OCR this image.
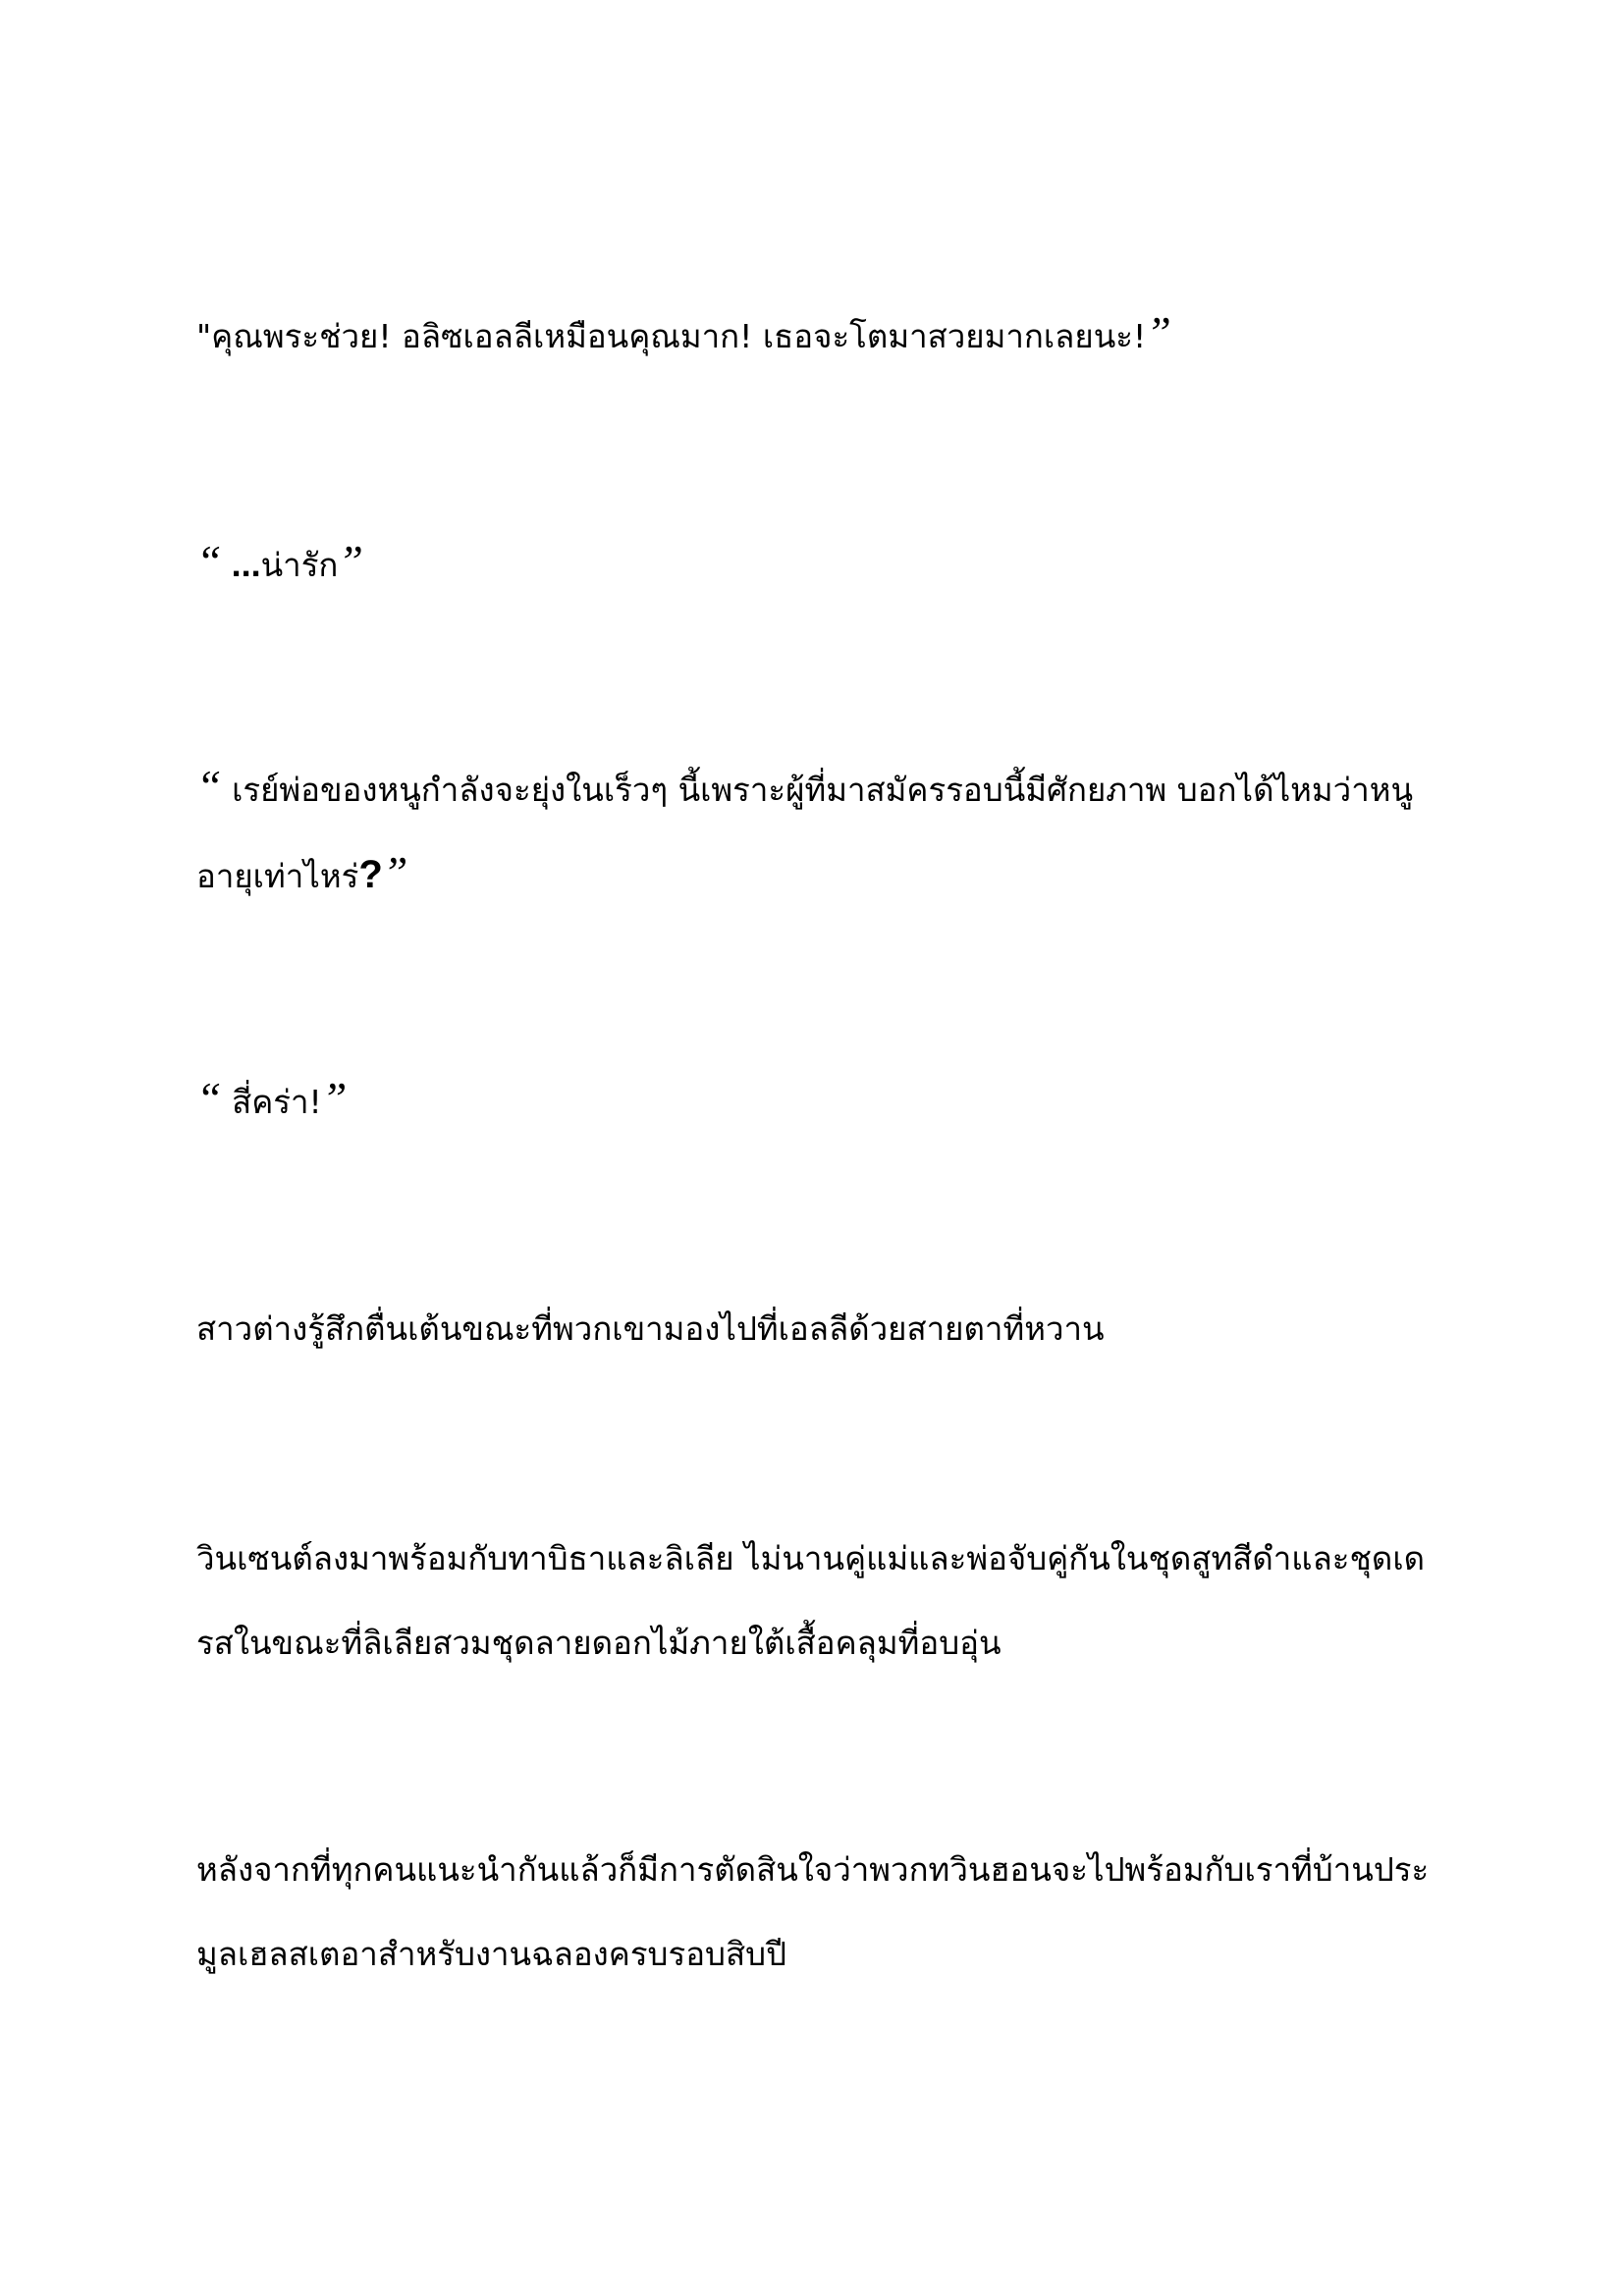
"คุณพระช่วย! อลิซเอลลีเหมือนคุณมาก! เธอจะโตมาสวยมากเลยนะ!”

“ ...น่ารัก”

“ เรย์พ่อของหนูกำลังจะยุ่งในเร็วๆ นี้เพราะผู้ที่มาสมัครรอบนี้มีศักยภาพ บอกได้ไหมว่าหนูอายุเท่าไหร่?”

“ สี่คร่า!”

สาวต่างรู้สึกตื่นเต้นขณะที่พวกเขามองไปที่เอลลีด้วยสายตาที่หวาน

วินเซนต์ลงมาพร้อมกับทาบิธาและลิเลีย ไม่นานคู่แม่และพ่อจับคู่กันในชุดสูทสีดำและชุดเดรสในขณะที่ลิเลียสวมชุดลายดอกไม้ภายใต้เสื้อคลุมที่อบอุ่น

หลังจากที่ทุกคนแนะนำกันแล้วก็มีการตัดสินใจว่าพวกทวินฮอนจะไปพร้อมกับเราที่บ้านประมูลเฮลสเตอาสำหรับงานฉลองครบรอบสิบปี
